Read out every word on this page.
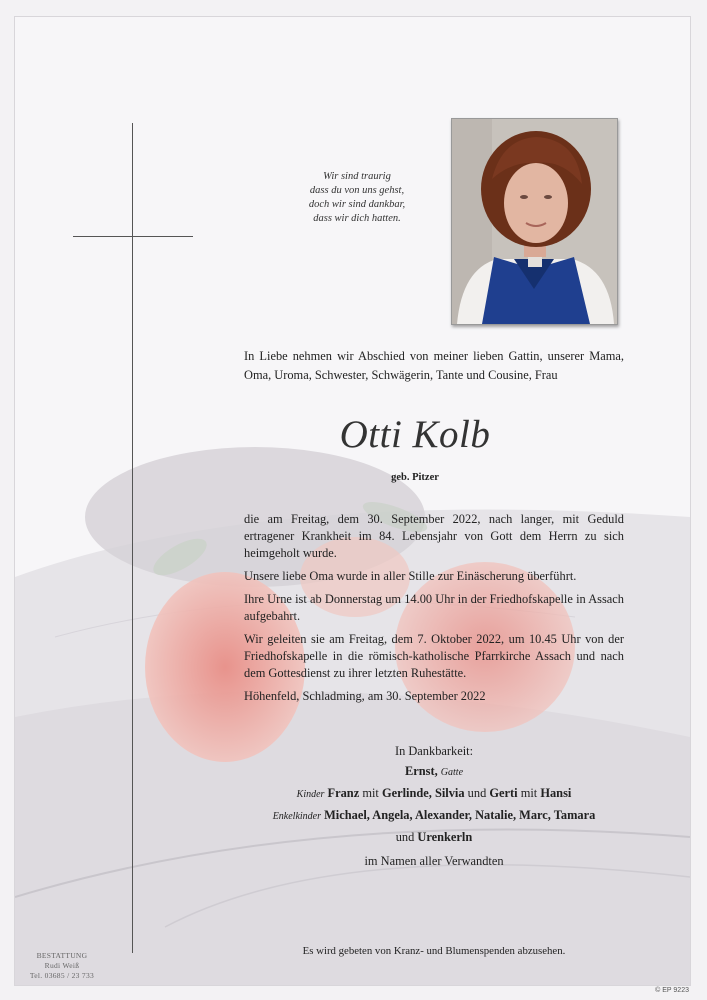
Wir sind traurig
dass du von uns gehst,
doch wir sind dankbar,
dass wir dich hatten.
In Liebe nehmen wir Abschied von meiner lieben Gattin, unserer Mama, Oma, Uroma, Schwester, Schwägerin, Tante und Cousine, Frau
Otti Kolb
geb. Pitzer

die am Freitag, dem 30. September 2022, nach langer, mit Geduld ertragener Krankheit im 84. Lebensjahr von Gott dem Herrn zu sich heimgeholt wurde.

Unsere liebe Oma wurde in aller Stille zur Einäscherung überführt.

Ihre Urne ist ab Donnerstag um 14.00 Uhr in der Friedhofskapelle in Assach aufgebahrt.

Wir geleiten sie am Freitag, dem 7. Oktober 2022, um 10.45 Uhr von der Friedhofskapelle in die römisch-katholische Pfarrkirche Assach und nach dem Gottesdienst zu ihrer letzten Ruhestätte.

Höhenfeld, Schladming, am 30. September 2022

In Dankbarkeit:
Ernst, Gatte
Kinder Franz mit Gerlinde, Silvia und Gerti mit Hansi
Enkelkinder Michael, Angela, Alexander, Natalie, Marc, Tamara
und Urenkerln
im Namen aller Verwandten
Es wird gebeten von Kranz- und Blumenspenden abzusehen.
BESTATTUNG
Rudi Weiß
Tel. 03685 / 23 733
© EP 9223
